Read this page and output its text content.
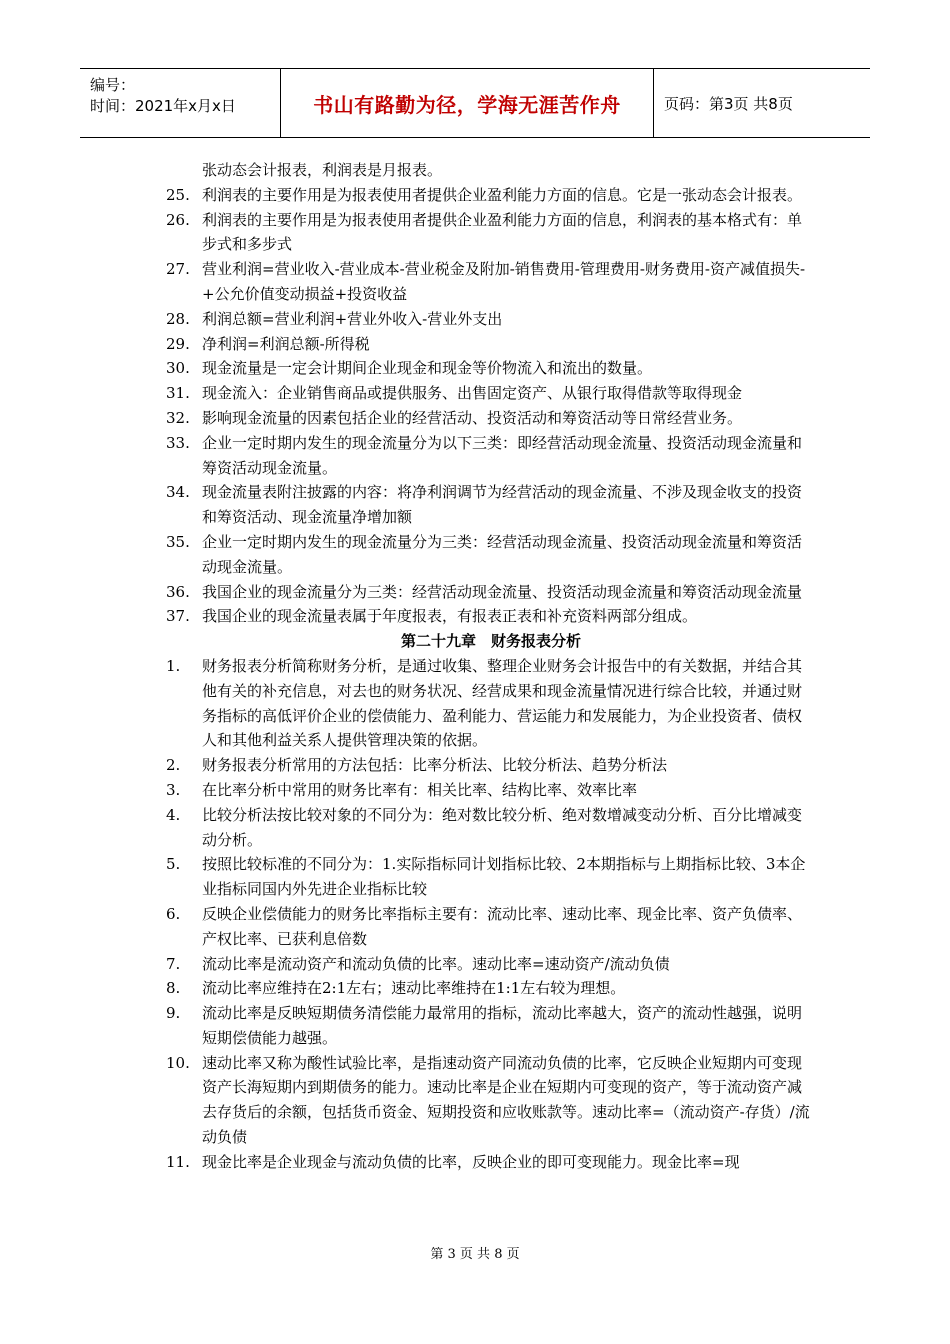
编号：
时间：2021年x月x日	书山有路勤为径，学海无涯苦作舟	页码：第3页 共8页
张动态会计报表，利润表是月报表。
25. 利润表的主要作用是为报表使用者提供企业盈利能力方面的信息。它是一张动态会计报表。
26. 利润表的主要作用是为报表使用者提供企业盈利能力方面的信息，利润表的基本格式有：单步式和多步式
27. 营业利润=营业收入-营业成本-营业税金及附加-销售费用-管理费用-财务费用-资产减值损失-+公允价值变动损益+投资收益
28. 利润总额=营业利润+营业外收入-营业外支出
29. 净利润=利润总额-所得税
30. 现金流量是一定会计期间企业现金和现金等价物流入和流出的数量。
31. 现金流入：企业销售商品或提供服务、出售固定资产、从银行取得借款等取得现金
32. 影响现金流量的因素包括企业的经营活动、投资活动和筹资活动等日常经营业务。
33. 企业一定时期内发生的现金流量分为以下三类：即经营活动现金流量、投资活动现金流量和筹资活动现金流量。
34. 现金流量表附注披露的内容：将净利润调节为经营活动的现金流量、不涉及现金收支的投资和筹资活动、现金流量净增加额
35. 企业一定时期内发生的现金流量分为三类：经营活动现金流量、投资活动现金流量和筹资活动现金流量。
36. 我国企业的现金流量分为三类：经营活动现金流量、投资活动现金流量和筹资活动现金流量
37. 我国企业的现金流量表属于年度报表，有报表正表和补充资料两部分组成。
第二十九章　财务报表分析
1.	财务报表分析简称财务分析，是通过收集、整理企业财务会计报告中的有关数据，并结合其他有关的补充信息，对去也的财务状况、经营成果和现金流量情况进行综合比较，并通过财务指标的高低评价企业的偿债能力、盈利能力、营运能力和发展能力，为企业投资者、债权人和其他利益关系人提供管理决策的依据。
2.	财务报表分析常用的方法包括：比率分析法、比较分析法、趋势分析法
3.	在比率分析中常用的财务比率有：相关比率、结构比率、效率比率
4.	比较分析法按比较对象的不同分为：绝对数比较分析、绝对数增减变动分析、百分比增减变动分析。
5.	按照比较标准的不同分为：1.实际指标同计划指标比较、2本期指标与上期指标比较、3本企业指标同国内外先进企业指标比较
6.	反映企业偿债能力的财务比率指标主要有：流动比率、速动比率、现金比率、资产负债率、产权比率、已获利息倍数
7.	流动比率是流动资产和流动负债的比率。速动比率=速动资产/流动负债
8.	流动比率应维持在2:1左右；速动比率维持在1:1左右较为理想。
9.	流动比率是反映短期债务清偿能力最常用的指标，流动比率越大，资产的流动性越强，说明短期偿债能力越强。
10. 速动比率又称为酸性试验比率，是指速动资产同流动负债的比率，它反映企业短期内可变现资产长海短期内到期债务的能力。速动比率是企业在短期内可变现的资产，等于流动资产减去存货后的余额，包括货币资金、短期投资和应收账款等。速动比率=（流动资产-存货）/流动负债
11. 现金比率是企业现金与流动负债的比率，反映企业的即可变现能力。现金比率=现
第 3 页 共 8 页
